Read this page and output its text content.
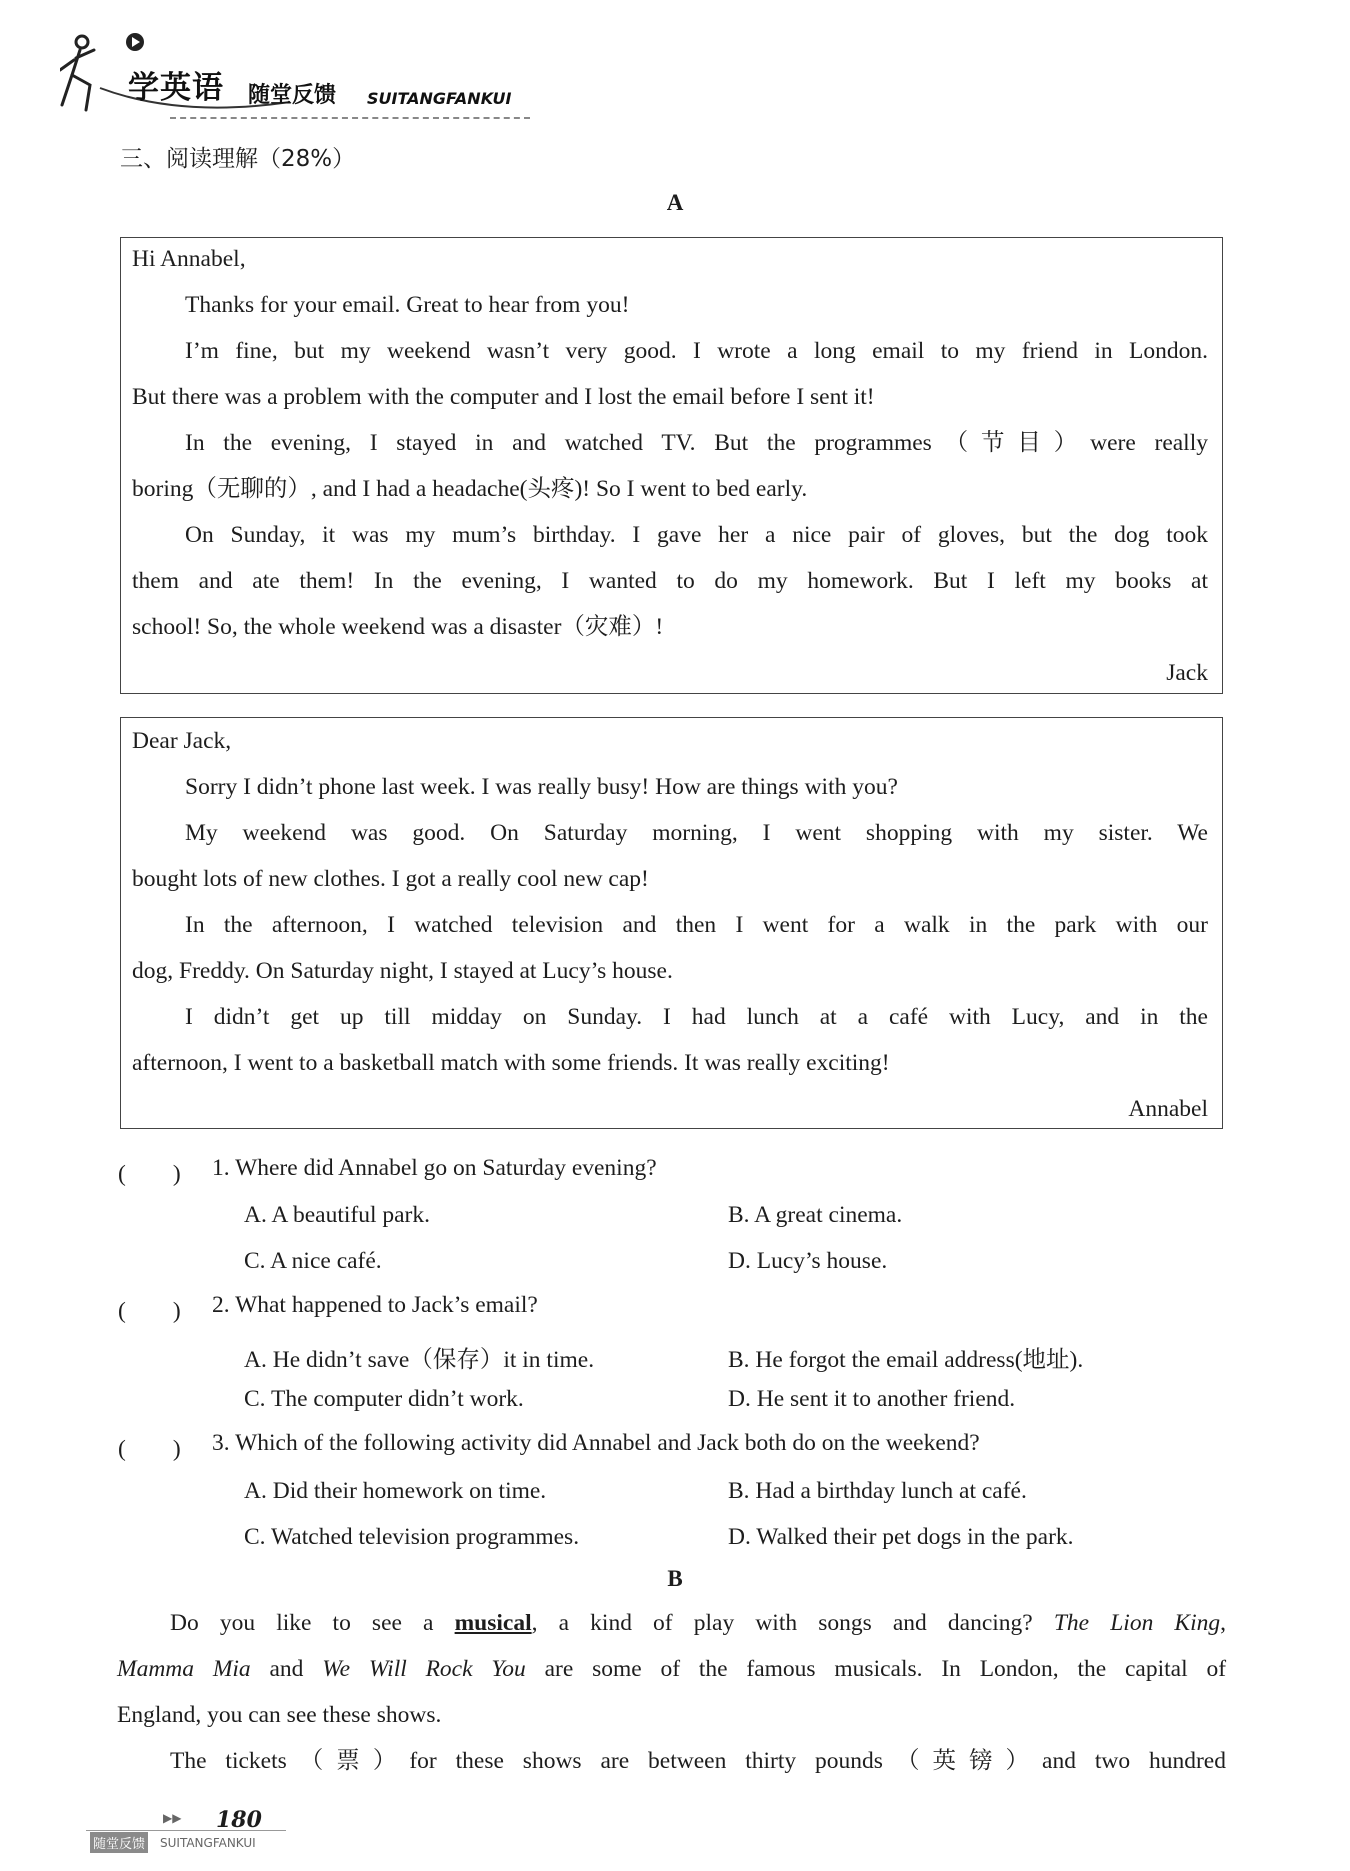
学英语 随堂反馈 SUITANGFANKUI
三、阅读理解（28%）
A
Hi Annabel,
Thanks for your email. Great to hear from you!
I’m fine, but my weekend wasn’t very good. I wrote a long email to my friend in London.
But there was a problem with the computer and I lost the email before I sent it!
In the evening, I stayed in and watched TV. But the programmes（节目）were really
boring（无聊的）, and I had a headache(头疼)! So I went to bed early.
On Sunday, it was my mum’s birthday. I gave her a nice pair of gloves, but the dog took
them and ate them! In the evening, I wanted to do my homework. But I left my books at
school! So, the whole weekend was a disaster（灾难）!
Jack
Dear Jack,
Sorry I didn’t phone last week. I was really busy! How are things with you?
My weekend was good. On Saturday morning, I went shopping with my sister. We
bought lots of new clothes. I got a really cool new cap!
In the afternoon, I watched television and then I went for a walk in the park with our
dog, Freddy. On Saturday night, I stayed at Lucy’s house.
I didn’t get up till midday on Sunday. I had lunch at a café with Lucy, and in the
afternoon, I went to a basketball match with some friends. It was really exciting!
Annabel
(　　) 1. Where did Annabel go on Saturday evening?
A. A beautiful park.	B. A great cinema.
C. A nice café.	D. Lucy’s house.
(　　) 2. What happened to Jack’s email?
A. He didn’t save（保存）it in time.	B. He forgot the email address(地址).
C. The computer didn’t work.	D. He sent it to another friend.
(　　) 3. Which of the following activity did Annabel and Jack both do on the weekend?
A. Did their homework on time.	B. Had a birthday lunch at café.
C. Watched television programmes.	D. Walked their pet dogs in the park.
B
Do you like to see a musical, a kind of play with songs and dancing? The Lion King,
Mamma Mia and We Will Rock You are some of the famous musicals. In London, the capital of
England, you can see these shows.
The tickets（票）for these shows are between thirty pounds（英镑）and two hundred
▶▶ 180
随堂反馈 SUITANGFANKUI
